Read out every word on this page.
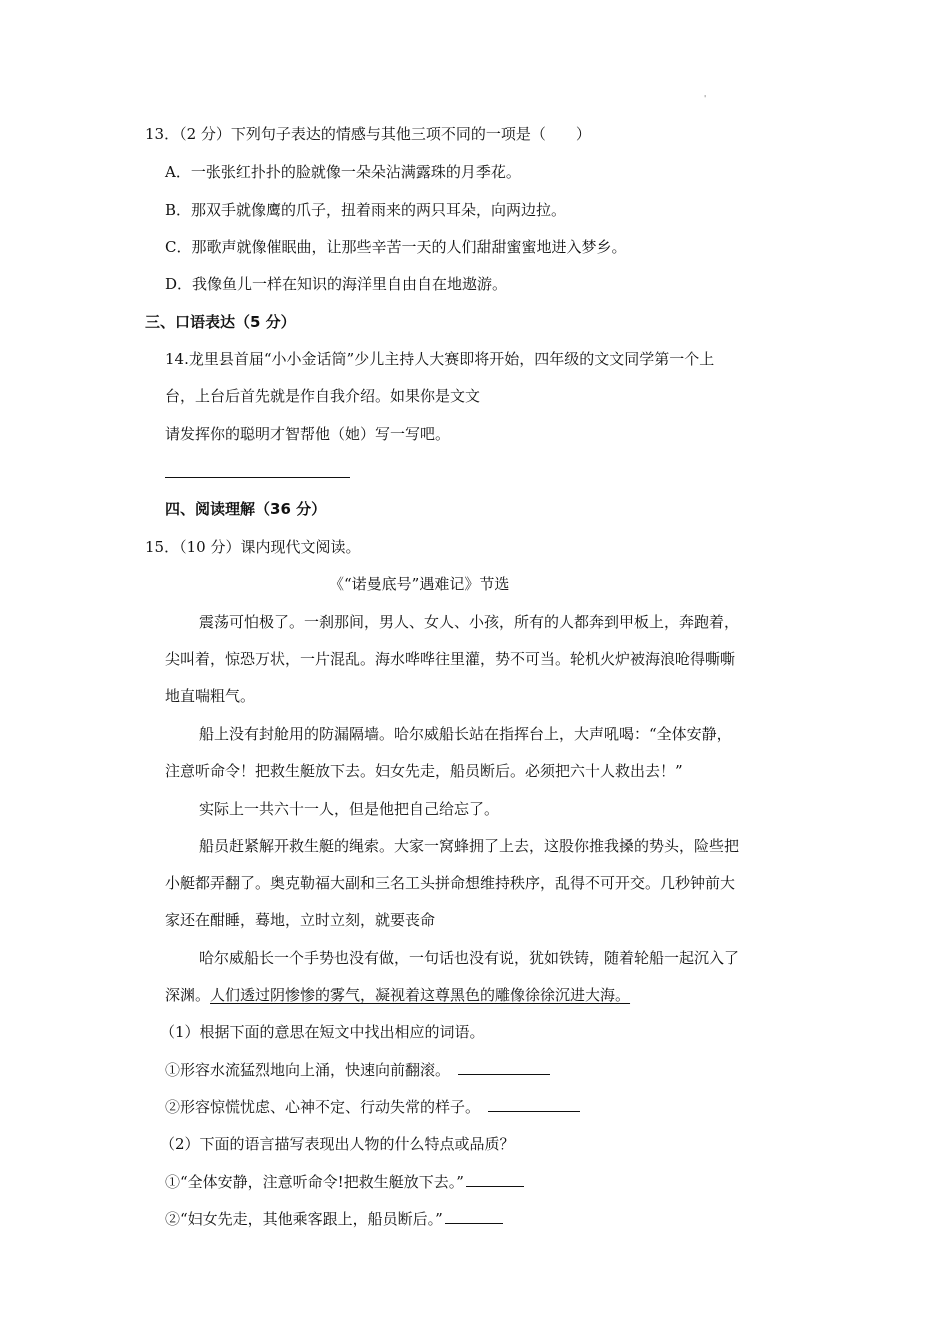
'
13．（2 分）下列句子表达的情感与其他三项不同的一项是（　　）
A．一张张红扑扑的脸就像一朵朵沾满露珠的月季花。
B．那双手就像鹰的爪子，扭着雨来的两只耳朵，向两边拉。
C．那歌声就像催眠曲，让那些辛苦一天的人们甜甜蜜蜜地进入梦乡。
D．我像鱼儿一样在知识的海洋里自由自在地遨游。
三、口语表达（5 分）
14.龙里县首届“小小金话筒”少儿主持人大赛即将开始，四年级的文文同学第一个上
台，上台后首先就是作自我介绍。如果你是文文
请发挥你的聪明才智帮他（她）写一写吧。
四、阅读理解（36 分）
15．（10 分）课内现代文阅读。
《“诺曼底号”遇难记》节选
震荡可怕极了。一刹那间，男人、女人、小孩，所有的人都奔到甲板上，奔跑着，
尖叫着，惊恐万状，一片混乱。海水哗哗往里灌，势不可当。轮机火炉被海浪呛得嘶嘶
地直喘粗气。
船上没有封舱用的防漏隔墙。哈尔威船长站在指挥台上，大声吼喝：“全体安静，
注意听命令！把救生艇放下去。妇女先走，船员断后。必须把六十人救出去！”
实际上一共六十一人，但是他把自己给忘了。
船员赶紧解开救生艇的绳索。大家一窝蜂拥了上去，这股你推我搡的势头，险些把
小艇都弄翻了。奥克勒福大副和三名工头拼命想维持秩序，乱得不可开交。几秒钟前大
家还在酣睡，蓦地，立时立刻，就要丧命
哈尔威船长一个手势也没有做，一句话也没有说，犹如铁铸，随着轮船一起沉入了
深渊。人们透过阴惨惨的雾气，凝视着这尊黑色的雕像徐徐沉进大海。
（1）根据下面的意思在短文中找出相应的词语。
①形容水流猛烈地向上涌，快速向前翻滚。
②形容惊慌忧虑、心神不定、行动失常的样子。
（2）下面的语言描写表现出人物的什么特点或品质？
①“全体安静，注意听命令!把救生艇放下去。”
②“妇女先走，其他乘客跟上，船员断后。”
